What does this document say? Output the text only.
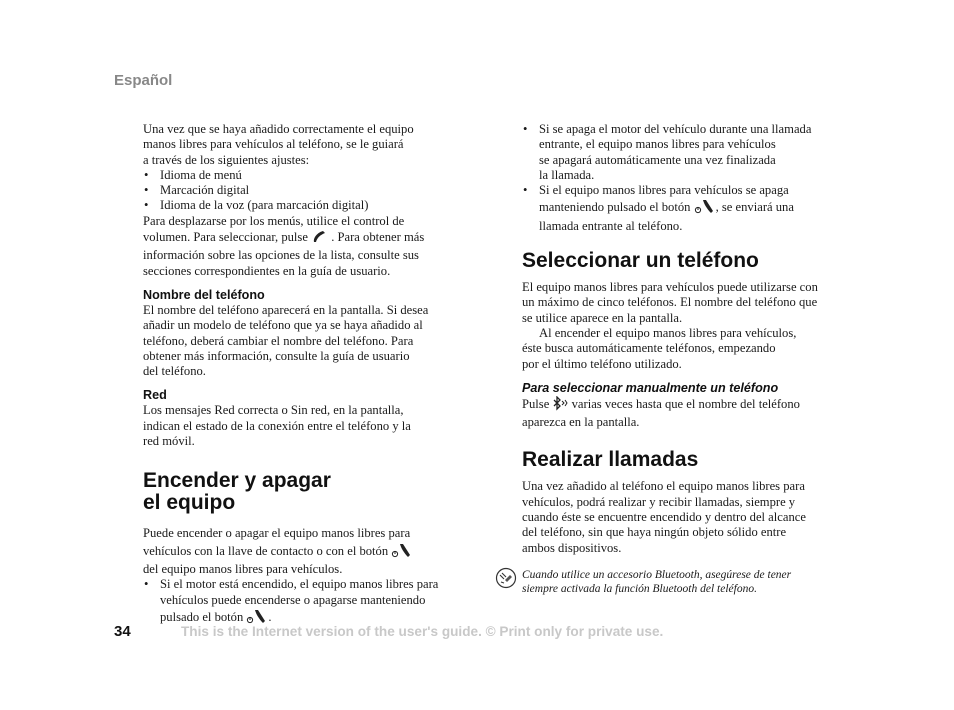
Español

Una vez que se haya añadido correctamente el equipo

manos libres para vehículos al teléfono, se le guiará

a través de los siguientes ajustes:

• Idioma de menú
• Marcación digital
• Idioma de la voz (para marcación digital)

Para desplazarse por los menús, utilice el control de

volumen. Para seleccionar, pulse . Para obtener más

información sobre las opciones de la lista, consulte sus

secciones correspondientes en la guía de usuario.

Nombre del teléfono

El nombre del teléfono aparecerá en la pantalla. Si desea

añadir un modelo de teléfono que ya se haya añadido al

teléfono, deberá cambiar el nombre del teléfono. Para

obtener más información, consulte la guía de usuario

del teléfono.

Red

Los mensajes Red correcta o Sin red, en la pantalla,

indican el estado de la conexión entre el teléfono y la

red móvil.

Encender y apagar
el equipo

Puede encender o apagar el equipo manos libres para

vehículos con la llave de contacto o con el botón

del equipo manos libres para vehículos.

• Si el motor está encendido, el equipo manos libres para
vehículos puede encenderse o apagarse manteniendo
pulsado el botón .
• Si se apaga el motor del vehículo durante una llamada
entrante, el equipo manos libres para vehículos
se apagará automáticamente una vez finalizada
la llamada.
• Si el equipo manos libres para vehículos se apaga
manteniendo pulsado el botón , se enviará una
llamada entrante al teléfono.
Seleccionar un teléfono

El equipo manos libres para vehículos puede utilizarse con

un máximo de cinco teléfonos. El nombre del teléfono que

se utilice aparece en la pantalla.

Al encender el equipo manos libres para vehículos,

éste busca automáticamente teléfonos, empezando

por el último teléfono utilizado.

Para seleccionar manualmente un teléfono

Pulse varias veces hasta que el nombre del teléfono

aparezca en la pantalla.

Realizar llamadas

Una vez añadido al teléfono el equipo manos libres para

vehículos, podrá realizar y recibir llamadas, siempre y

cuando éste se encuentre encendido y dentro del alcance

del teléfono, sin que haya ningún objeto sólido entre

ambos dispositivos.

Cuando utilice un accesorio Bluetooth, asegúrese de tener

siempre activada la función Bluetooth del teléfono.

34	This is the Internet version of the user's guide. © Print only for private use.
